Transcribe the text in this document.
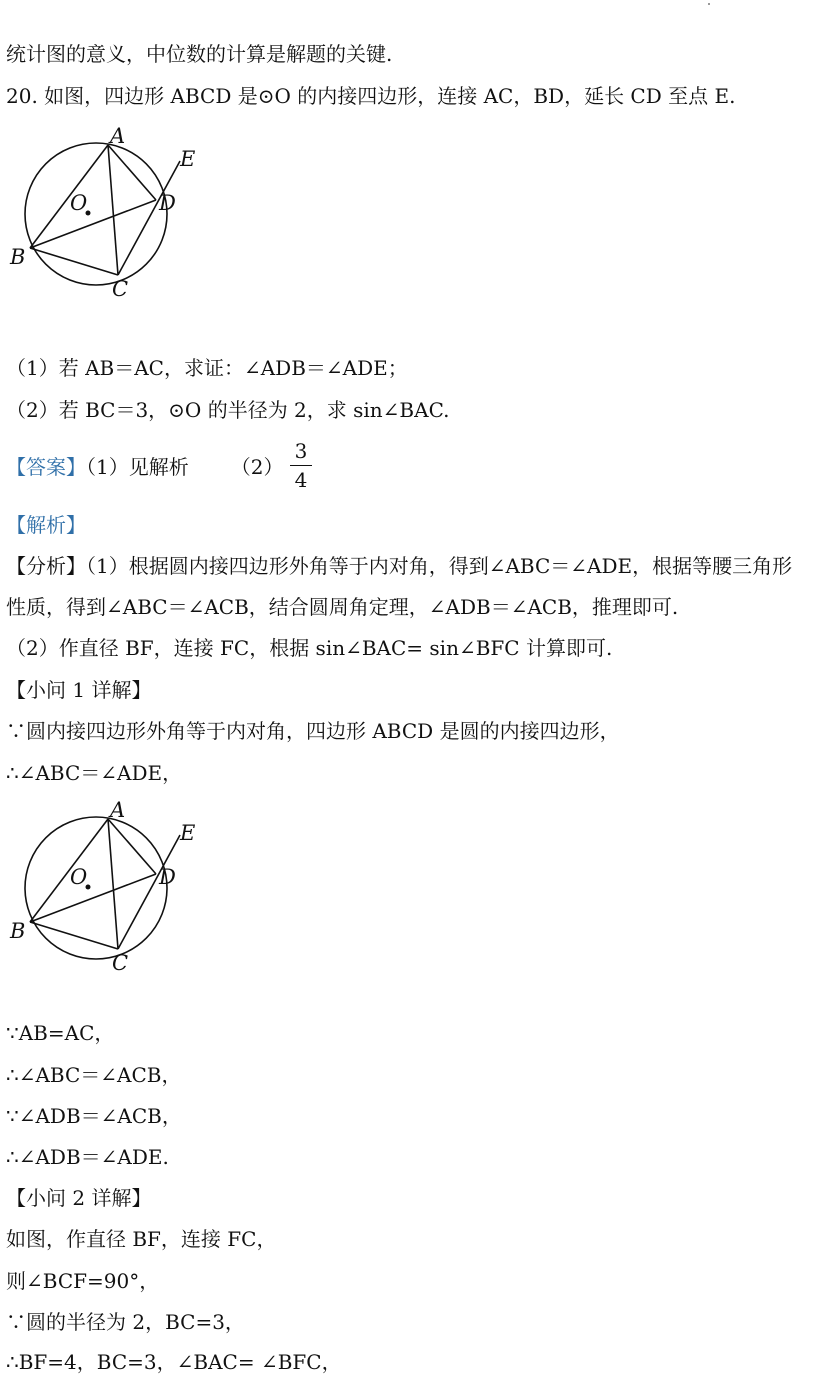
统计图的意义，中位数的计算是解题的关键.
20. 如图，四边形 ABCD 是⊙O 的内接四边形，连接 AC，BD，延长 CD 至点 E.
A
E
O	D
B
C
（1）若 AB＝AC，求证：∠ADB＝∠ADE；
（2）若 BC＝3，⊙O 的半径为 2，求 sin∠BAC.
【答案】（1）见解析 （2）
3
4
【解析】
【分析】（1）根据圆内接四边形外角等于内对角，得到∠ABC＝∠ADE，根据等腰三角形
性质，得到∠ABC＝∠ACB，结合圆周角定理，∠ADB＝∠ACB，推理即可.
（2）作直径 BF，连接 FC，根据 sin∠BAC= sin∠BFC 计算即可.
【小问 1 详解】
∵圆内接四边形外角等于内对角，四边形 ABCD 是圆的内接四边形，
∴∠ABC＝∠ADE，
A
E
O	D
B
C
∵AB=AC，
∴∠ABC＝∠ACB，
∵∠ADB＝∠ACB，
∴∠ADB＝∠ADE.
【小问 2 详解】
如图，作直径 BF，连接 FC，
则∠BCF=90°，
∵圆的半径为 2，BC=3，
∴BF=4，BC=3，∠BAC= ∠BFC，
